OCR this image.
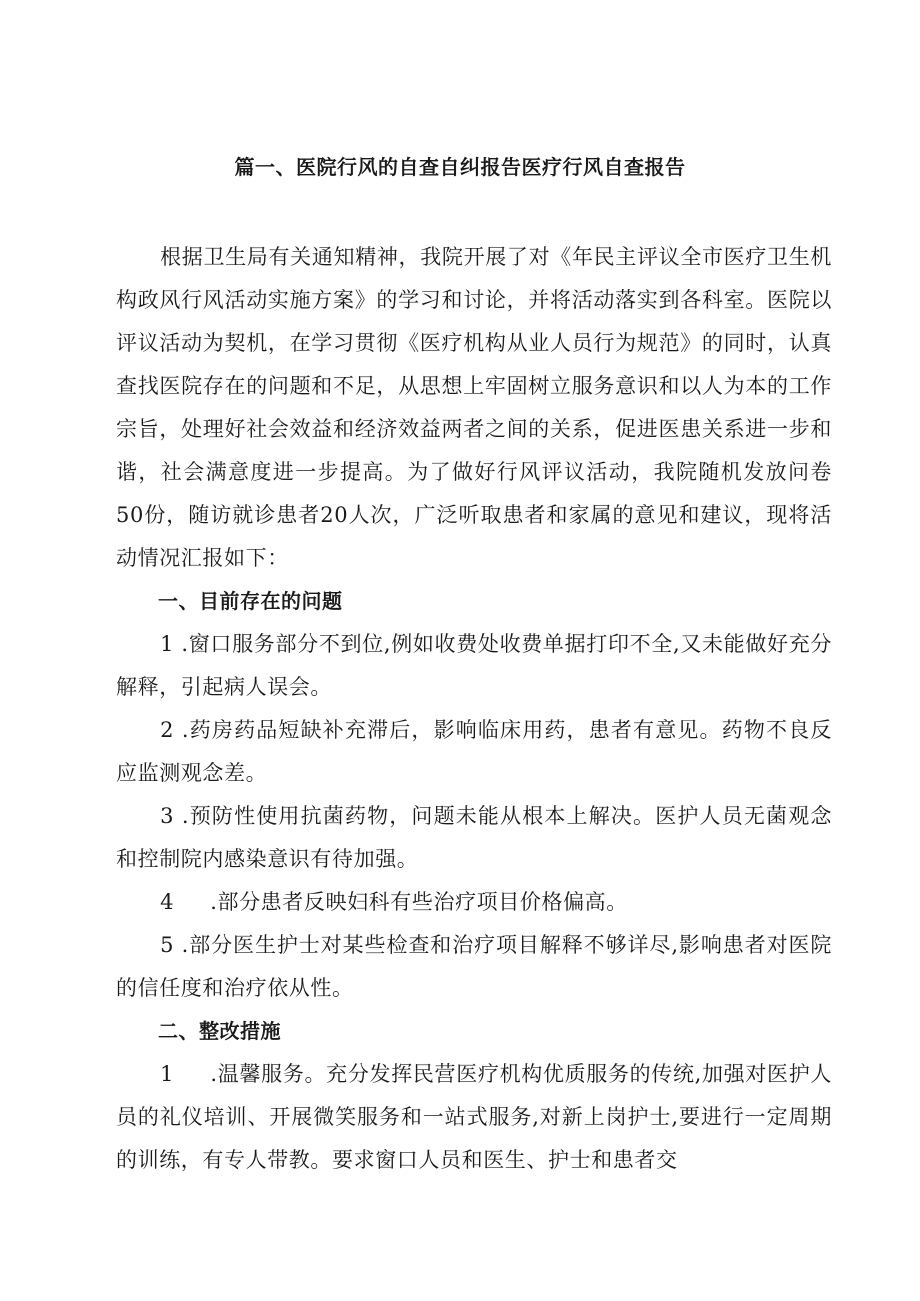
篇一、医院行风的自查自纠报告医疗行风自查报告

根据卫生局有关通知精神，我院开展了对《年民主评议全市医疗卫生机构政风行风活动实施方案》的学习和讨论，并将活动落实到各科室。医院以评议活动为契机，在学习贯彻《医疗机构从业人员行为规范》的同时，认真查找医院存在的问题和不足，从思想上牢固树立服务意识和以人为本的工作宗旨，处理好社会效益和经济效益两者之间的关系，促进医患关系进一步和谐，社会满意度进一步提高。为了做好行风评议活动，我院随机发放问卷50份，随访就诊患者20人次，广泛听取患者和家属的意见和建议，现将活动情况汇报如下：

一、目前存在的问题

1 .窗口服务部分不到位,例如收费处收费单据打印不全,又未能做好充分解释，引起病人误会。

2 .药房药品短缺补充滞后，影响临床用药，患者有意见。药物不良反应监测观念差。

3 .预防性使用抗菌药物，问题未能从根本上解决。医护人员无菌观念和控制院内感染意识有待加强。

4 　 .部分患者反映妇科有些治疗项目价格偏高。

5 .部分医生护士对某些检查和治疗项目解释不够详尽,影响患者对医院的信任度和治疗依从性。

二、整改措施

1 　 .温馨服务。充分发挥民营医疗机构优质服务的传统,加强对医护人员的礼仪培训、开展微笑服务和一站式服务,对新上岗护士,要进行一定周期的训练，有专人带教。要求窗口人员和医生、护士和患者交
